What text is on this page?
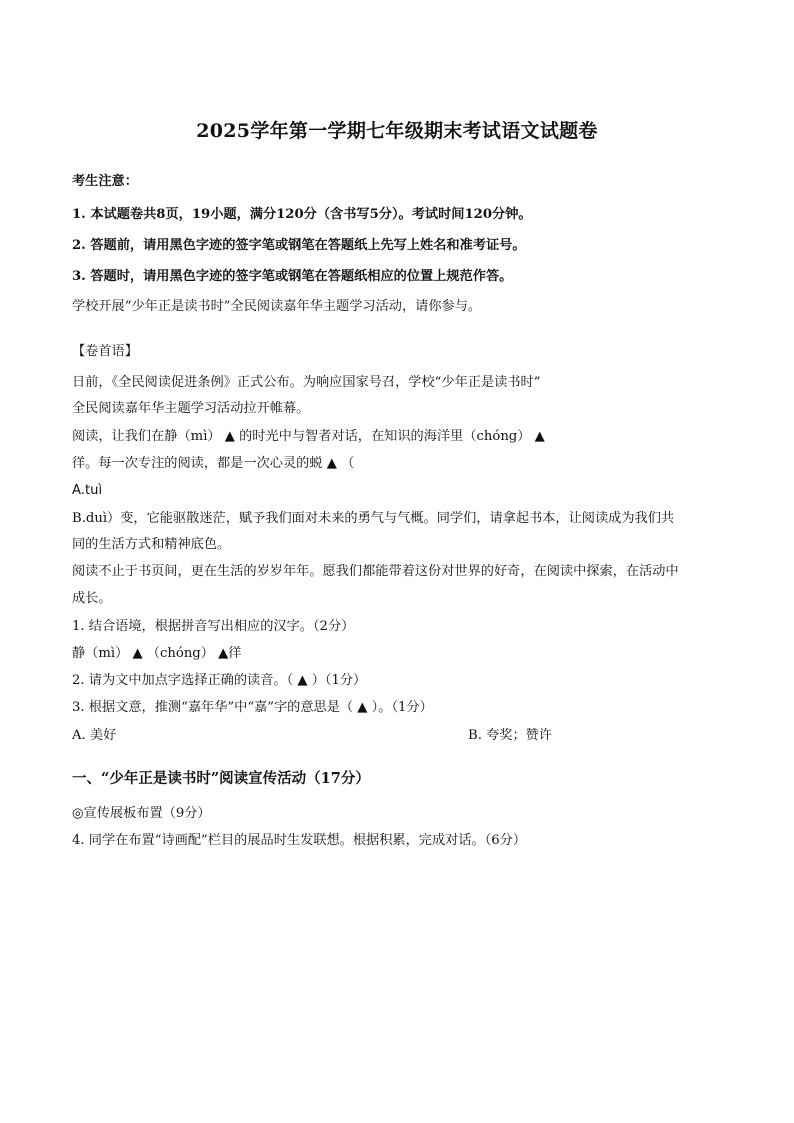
2025学年第一学期七年级期末考试语文试题卷
考生注意：
1. 本试题卷共8页，19小题，满分120分（含书写5分）。考试时间120分钟。
2. 答题前，请用黑色字迹的签字笔或钢笔在答题纸上先写上姓名和准考证号。
3. 答题时，请用黑色字迹的签字笔或钢笔在答题纸相应的位置上规范作答。
学校开展“少年正是读书时”全民阅读嘉年华主题学习活动，请你参与。
【卷首语】
日前，《全民阅读促进条例》正式公布。为响应国家号召，学校“少年正是读书时”
全民阅读嘉年华主题学习活动拉开帷幕。
阅读，让我们在静（mì） ▲ 的时光中与智者对话，在知识的海洋里（chóng） ▲
徉。每一次专注的阅读，都是一次心灵的蜕 ▲ （
A.tuì
B.duì）变，它能驱散迷茫，赋予我们面对未来的勇气与气概。同学们，请拿起书本，让阅读成为我们共
同的生活方式和精神底色。
阅读不止于书页间，更在生活的岁岁年年。愿我们都能带着这份对世界的好奇，在阅读中探索，在活动中
成长。
1. 结合语境，根据拼音写出相应的汉字。（2分）
静（mì） ▲ （chóng） ▲徉
2. 请为文中加点字选择正确的读音。（ ▲ ）（1分）
3. 根据文意，推测“嘉年华”中“嘉”字的意思是（ ▲ ）。（1分）
A. 美好	B. 夸奖；赞许
一、“少年正是读书时”阅读宣传活动（17分）
◎宣传展板布置（9分）
4. 同学在布置“诗画配”栏目的展品时生发联想。根据积累，完成对话。（6分）
